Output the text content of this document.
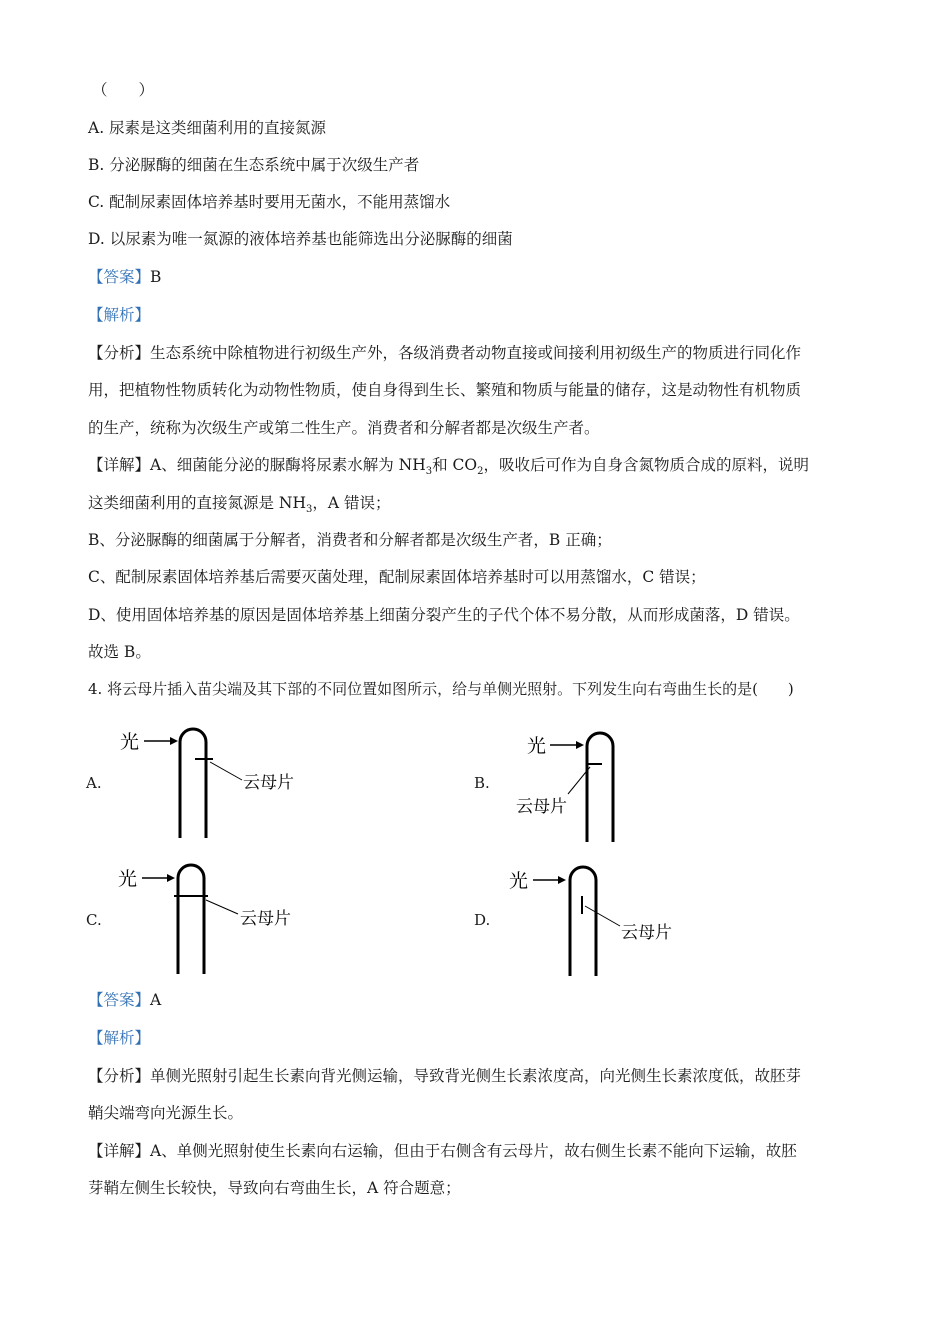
（　　）
A. 尿素是这类细菌利用的直接氮源
B. 分泌脲酶的细菌在生态系统中属于次级生产者
C. 配制尿素固体培养基时要用无菌水，不能用蒸馏水
D. 以尿素为唯一氮源的液体培养基也能筛选出分泌脲酶的细菌
【答案】B
【解析】
【分析】生态系统中除植物进行初级生产外，各级消费者动物直接或间接利用初级生产的物质进行同化作
用，把植物性物质转化为动物性物质，使自身得到生长、繁殖和物质与能量的储存，这是动物性有机物质
的生产，统称为次级生产或第二性生产。消费者和分解者都是次级生产者。
【详解】A、细菌能分泌的脲酶将尿素水解为 $NH_3$和 $CO_2$，吸收后可作为自身含氮物质合成的原料，说明
这类细菌利用的直接氮源是 $NH_3$，A 错误；
B、分泌脲酶的细菌属于分解者，消费者和分解者都是次级生产者，B 正确；
C、配制尿素固体培养基后需要灭菌处理，配制尿素固体培养基时可以用蒸馏水，C 错误；
D、使用固体培养基的原因是固体培养基上细菌分裂产生的子代个体不易分散，从而形成菌落，D 错误。
故选 B。
4. 将云母片插入苗尖端及其下部的不同位置如图所示，给与单侧光照射。下列发生向右弯曲生长的是(　　)
A.
光
云母片	B.
光
云母片
C.
光
云母片	D.
光
云母片
【答案】A
【解析】
【分析】单侧光照射引起生长素向背光侧运输，导致背光侧生长素浓度高，向光侧生长素浓度低，故胚芽
鞘尖端弯向光源生长。
【详解】A、单侧光照射使生长素向右运输，但由于右侧含有云母片，故右侧生长素不能向下运输，故胚
芽鞘左侧生长较快，导致向右弯曲生长，A 符合题意；
